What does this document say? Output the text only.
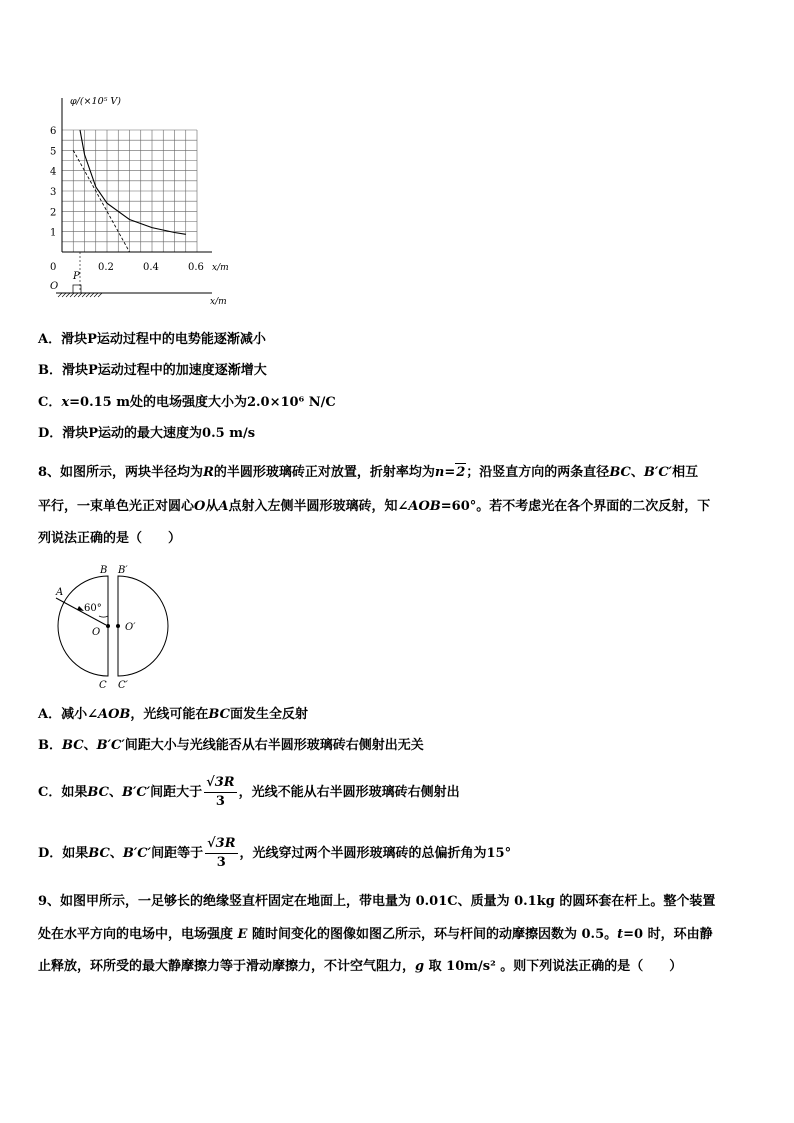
φ/(×10⁵ V)
6
5
4
3
2
1
0	0.2	0.4	0.6 x/m
x/m
O
P
A．滑块P运动过程中的电势能逐渐减小
B．滑块P运动过程中的加速度逐渐增大
C．x=0.15 m处的电场强度大小为2.0×10⁶ N/C
D．滑块P运动的最大速度为0.5 m/s
8、如图所示，两块半径均为R的半圆形玻璃砖正对放置，折射率均为n=2；沿竖直方向的两条直径BC、B′C′相互
平行，一束单色光正对圆心O从A点射入左侧半圆形玻璃砖，知∠AOB=60°。若不考虑光在各个界面的二次反射，下
列说法正确的是（　　）
B B′
A
60°
O O′
C C′
A．减小∠AOB，光线可能在BC面发生全反射
B．BC、B′C′间距大小与光线能否从右半圆形玻璃砖右侧射出无关
C．如果BC、B′C′间距大于 $\frac{√3R}{3}$ ，光线不能从右半圆形玻璃砖右侧射出
D．如果BC、B′C′间距等于 $\frac{√3R}{3}$ ，光线穿过两个半圆形玻璃砖的总偏折角为15°
9、如图甲所示，一足够长的绝缘竖直杆固定在地面上，带电量为 0.01C、质量为 0.1kg 的圆环套在杆上。整个装置
处在水平方向的电场中，电场强度 E 随时间变化的图像如图乙所示，环与杆间的动摩擦因数为 0.5。t=0 时，环由静
止释放，环所受的最大静摩擦力等于滑动摩擦力，不计空气阻力，g 取 10m/s² 。则下列说法正确的是（　　）
